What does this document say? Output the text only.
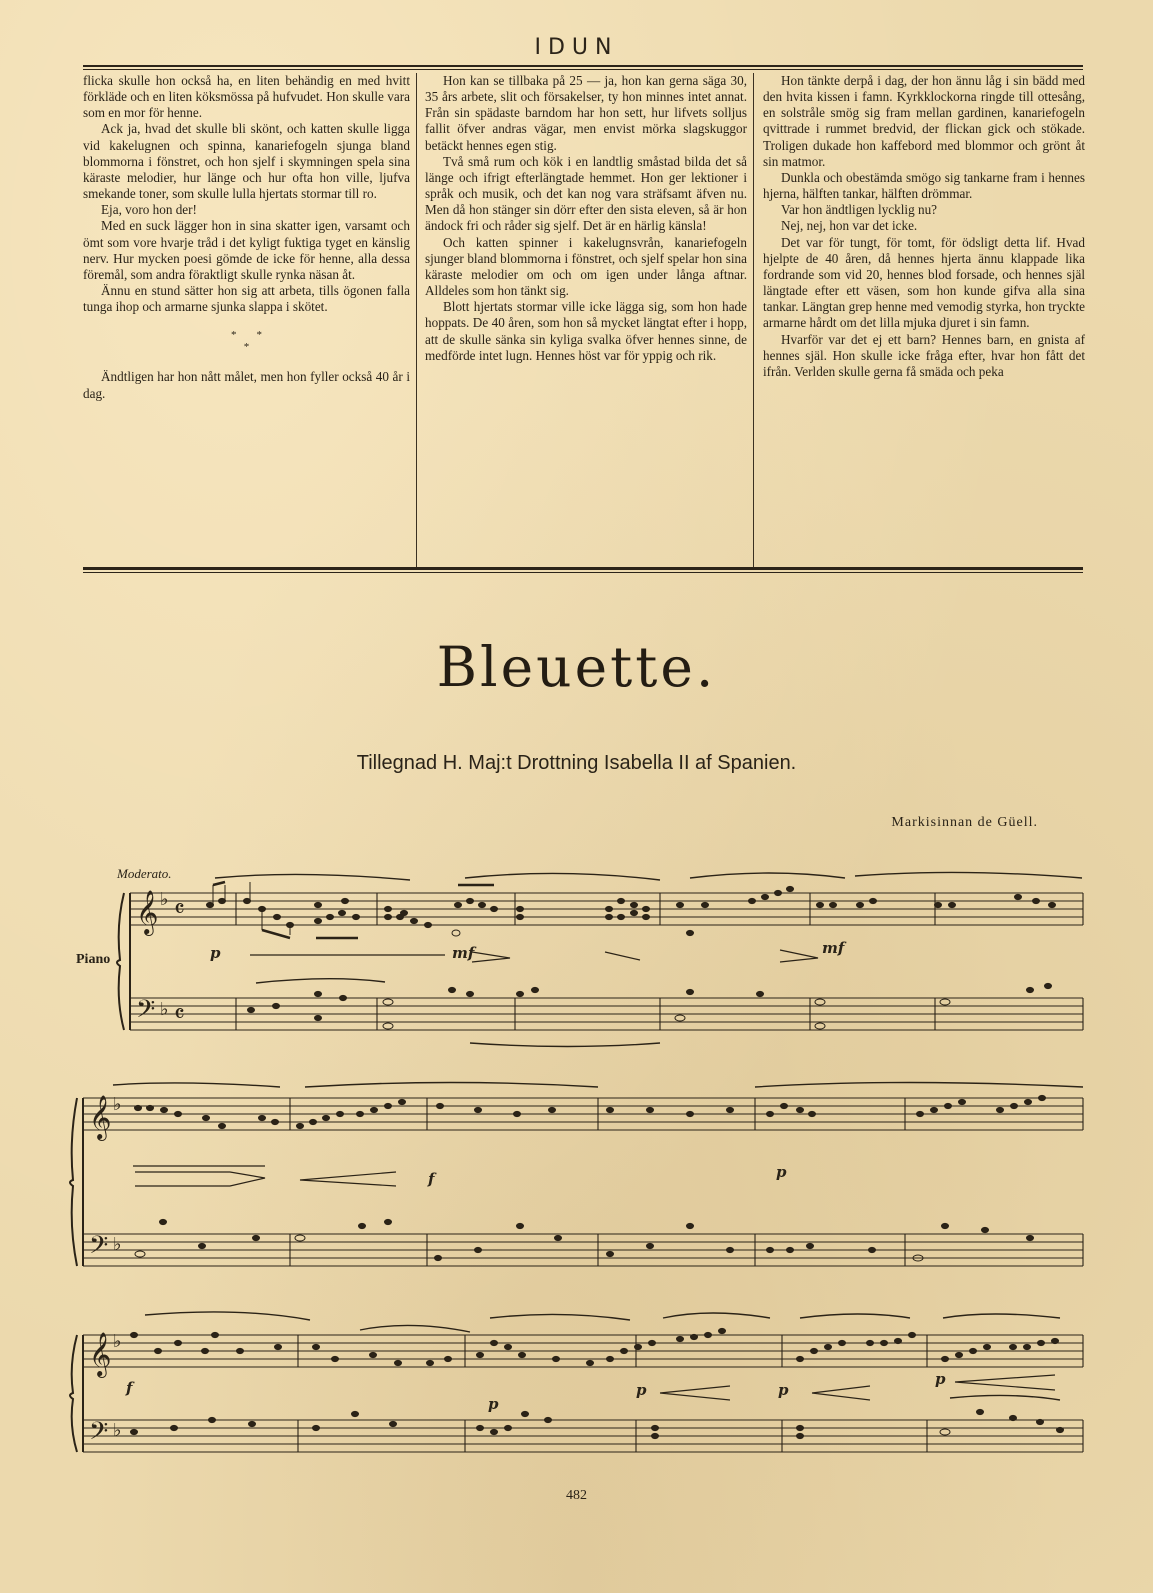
IDUN

flicka skulle hon också ha, en liten behändig en med hvitt förkläde och en liten köksmössa på hufvudet. Hon skulle vara som en mor för henne.

Ack ja, hvad det skulle bli skönt, och katten skulle ligga vid kakelugnen och spinna, kanariefogeln sjunga bland blommorna i fönstret, och hon sjelf i skymningen spela sina käraste melodier, hur länge och hur ofta hon ville, ljufva smekande toner, som skulle lulla hjertats stormar till ro.

Eja, voro hon der!

Med en suck lägger hon in sina skatter igen, varsamt och ömt som vore hvarje tråd i det kyligt fuktiga tyget en känslig nerv. Hur mycken poesi gömde de icke för henne, alla dessa föremål, som andra föraktligt skulle rynka näsan åt.

Ännu en stund sätter hon sig att arbeta, tills ögonen falla tunga ihop och armarne sjunka slappa i skötet.

* *
*

Ändtligen har hon nått målet, men hon fyller också 40 år i dag.

Hon kan se tillbaka på 25 — ja, hon kan gerna säga 30, 35 års arbete, slit och försakelser, ty hon minnes intet annat. Från sin spädaste barndom har hon sett, hur lifvets solljus fallit öfver andras vägar, men envist mörka slagskuggor betäckt hennes egen stig.

Två små rum och kök i en landtlig småstad bilda det så länge och ifrigt efterlängtade hemmet. Hon ger lektioner i språk och musik, och det kan nog vara sträfsamt äfven nu. Men då hon stänger sin dörr efter den sista eleven, så är hon ändock fri och råder sig sjelf. Det är en härlig känsla!

Och katten spinner i kakelugnsvrån, kanariefogeln sjunger bland blommorna i fönstret, och sjelf spelar hon sina käraste melodier om och om igen under långa aftnar. Alldeles som hon tänkt sig.

Blott hjertats stormar ville icke lägga sig, som hon hade hoppats. De 40 åren, som hon så mycket längtat efter i hopp, att de skulle sänka sin kyliga svalka öfver hennes sinne, de medförde intet lugn. Hennes höst var för yppig och rik.

Hon tänkte derpå i dag, der hon ännu låg i sin bädd med den hvita kissen i famn. Kyrkklockorna ringde till ottesång, en solstråle smög sig fram mellan gardinen, kanariefogeln qvittrade i rummet bredvid, der flickan gick och stökade. Troligen dukade hon kaffebord med blommor och grönt åt sin matmor.

Dunkla och obestämda smögo sig tankarne fram i hennes hjerna, hälften tankar, hälften drömmar.

Var hon ändtligen lycklig nu?

Nej, nej, hon var det icke.

Det var för tungt, för tomt, för ödsligt detta lif. Hvad hjelpte de 40 åren, då hennes hjerta ännu klappade lika fordrande som vid 20, hennes blod forsade, och hennes själ längtade efter ett väsen, som hon kunde gifva alla sina tankar. Längtan grep henne med vemodig styrka, hon tryckte armarne hårdt om det lilla mjuka djuret i sin famn.

Hvarför var det ej ett barn? Hennes barn, en gnista af hennes själ. Hon skulle icke fråga efter, hvar hon fått det ifrån. Verlden skulle gerna få smäda och peka

Bleuette.
Tillegnad H. Maj:t Drottning Isabella II af Spanien.
Markisinnan de Güell.
Moderato.
Piano
𝄞
𝄢
♭
♭
𝄴
𝄴
𝄞
𝄢
♭
♭
𝄞
𝄢
♭
♭
p	mf	mf
f	p
f
p
p	p
p
482
